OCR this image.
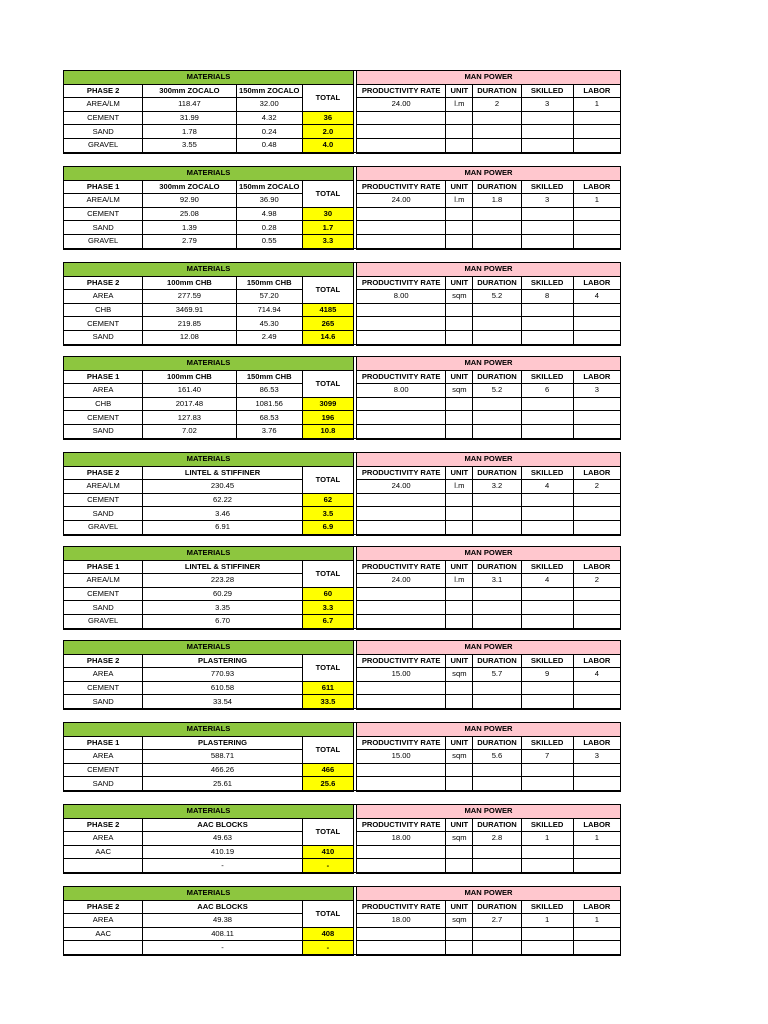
MATERIALS					MAN POWER				
PHASE 2	300mm ZOCALO	150mm ZOCALO	TOTAL		PRODUCTIVITY RATE	UNIT	DURATION	SKILLED	LABOR
AREA/LM	118.47	32.00			24.00	l.m	2	3	1
CEMENT	31.99	4.32	36						
SAND	1.78	0.24	2.0						
GRAVEL	3.55	0.48	4.0						
MATERIALS					MAN POWER				
PHASE 1	300mm ZOCALO	150mm ZOCALO	TOTAL		PRODUCTIVITY RATE	UNIT	DURATION	SKILLED	LABOR
AREA/LM	92.90	36.90			24.00	l.m	1.8	3	1
CEMENT	25.08	4.98	30						
SAND	1.39	0.28	1.7						
GRAVEL	2.79	0.55	3.3						
MATERIALS					MAN POWER				
PHASE 2	100mm CHB	150mm CHB	TOTAL		PRODUCTIVITY RATE	UNIT	DURATION	SKILLED	LABOR
AREA	277.59	57.20			8.00	sqm	5.2	8	4
CHB	3469.91	714.94	4185						
CEMENT	219.85	45.30	265						
SAND	12.08	2.49	14.6						
MATERIALS					MAN POWER				
PHASE 1	100mm CHB	150mm CHB	TOTAL		PRODUCTIVITY RATE	UNIT	DURATION	SKILLED	LABOR
AREA	161.40	86.53			8.00	sqm	5.2	6	3
CHB	2017.48	1081.56	3099						
CEMENT	127.83	68.53	196						
SAND	7.02	3.76	10.8						
MATERIALS				MAN POWER				
PHASE 2	LINTEL & STIFFINER	TOTAL		PRODUCTIVITY RATE	UNIT	DURATION	SKILLED	LABOR
AREA/LM	230.45			24.00	l.m	3.2	4	2
CEMENT	62.22	62						
SAND	3.46	3.5						
GRAVEL	6.91	6.9						
MATERIALS				MAN POWER				
PHASE 1	LINTEL & STIFFINER	TOTAL		PRODUCTIVITY RATE	UNIT	DURATION	SKILLED	LABOR
AREA/LM	223.28			24.00	l.m	3.1	4	2
CEMENT	60.29	60						
SAND	3.35	3.3						
GRAVEL	6.70	6.7						
MATERIALS				MAN POWER				
PHASE 2	PLASTERING	TOTAL		PRODUCTIVITY RATE	UNIT	DURATION	SKILLED	LABOR
AREA	770.93			15.00	sqm	5.7	9	4
CEMENT	610.58	611						
SAND	33.54	33.5						
MATERIALS				MAN POWER				
PHASE 1	PLASTERING	TOTAL		PRODUCTIVITY RATE	UNIT	DURATION	SKILLED	LABOR
AREA	588.71			15.00	sqm	5.6	7	3
CEMENT	466.26	466						
SAND	25.61	25.6						
MATERIALS				MAN POWER				
PHASE 2	AAC BLOCKS	TOTAL		PRODUCTIVITY RATE	UNIT	DURATION	SKILLED	LABOR
AREA	49.63			18.00	sqm	2.8	1	1
AAC	410.19	410						
	-	-						
MATERIALS				MAN POWER				
PHASE 2	AAC BLOCKS	TOTAL		PRODUCTIVITY RATE	UNIT	DURATION	SKILLED	LABOR
AREA	49.38			18.00	sqm	2.7	1	1
AAC	408.11	408						
	-	-						
